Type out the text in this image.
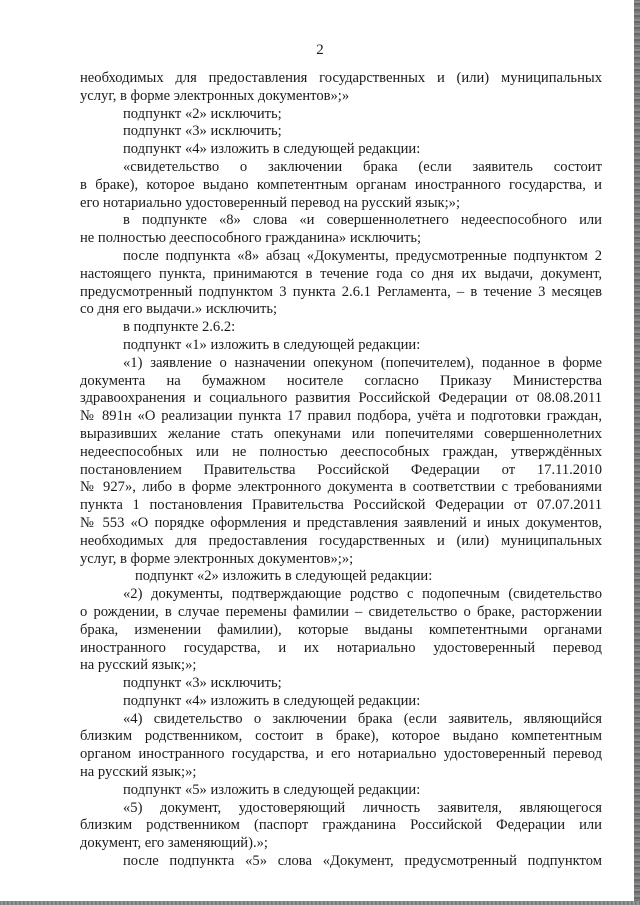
2
необходимых для предоставления государственных и (или) муниципальных
услуг, в форме электронных документов»;»
подпункт «2» исключить;
подпункт «3» исключить;
подпункт «4» изложить в следующей редакции:
«свидетельство о заключении брака (если заявитель состоит
в браке), которое выдано компетентным органам иностранного государства, и
его нотариально удостоверенный перевод на русский язык;»;
в подпункте «8» слова «и совершеннолетнего недееспособного или
не полностью дееспособного гражданина» исключить;
после подпункта «8» абзац «Документы, предусмотренные подпунктом 2
настоящего пункта, принимаются в течение года со дня их выдачи, документ,
предусмотренный подпунктом 3 пункта 2.6.1 Регламента, – в течение 3 месяцев
со дня его выдачи.» исключить;
в подпункте 2.6.2:
подпункт «1» изложить в следующей редакции:
«1) заявление о назначении опекуном (попечителем), поданное в форме
документа на бумажном носителе согласно Приказу Министерства
здравоохранения и социального развития Российской Федерации от 08.08.2011
№ 891н «О реализации пункта 17 правил подбора, учёта и подготовки граждан,
выразивших желание стать опекунами или попечителями совершеннолетних
недееспособных или не полностью дееспособных граждан, утверждённых
постановлением Правительства Российской Федерации от 17.11.2010
№ 927», либо в форме электронного документа в соответствии с требованиями
пункта 1 постановления Правительства Российской Федерации от 07.07.2011
№ 553 «О порядке оформления и представления заявлений и иных документов,
необходимых для предоставления государственных и (или) муниципальных
услуг, в форме электронных документов»;»;
подпункт «2» изложить в следующей редакции:
«2) документы, подтверждающие родство с подопечным (свидетельство
о рождении, в случае перемены фамилии – свидетельство о браке, расторжении
брака, изменении фамилии), которые выданы компетентными органами
иностранного государства, и их нотариально удостоверенный перевод
на русский язык;»;
подпункт «3» исключить;
подпункт «4» изложить в следующей редакции:
«4) свидетельство о заключении брака (если заявитель, являющийся
близким родственником, состоит в браке), которое выдано компетентным
органом иностранного государства, и его нотариально удостоверенный перевод
на русский язык;»;
подпункт «5» изложить в следующей редакции:
«5) документ, удостоверяющий личность заявителя, являющегося
близким родственником (паспорт гражданина Российской Федерации или
документ, его заменяющий).»;
после подпункта «5» слова «Документ, предусмотренный подпунктом
